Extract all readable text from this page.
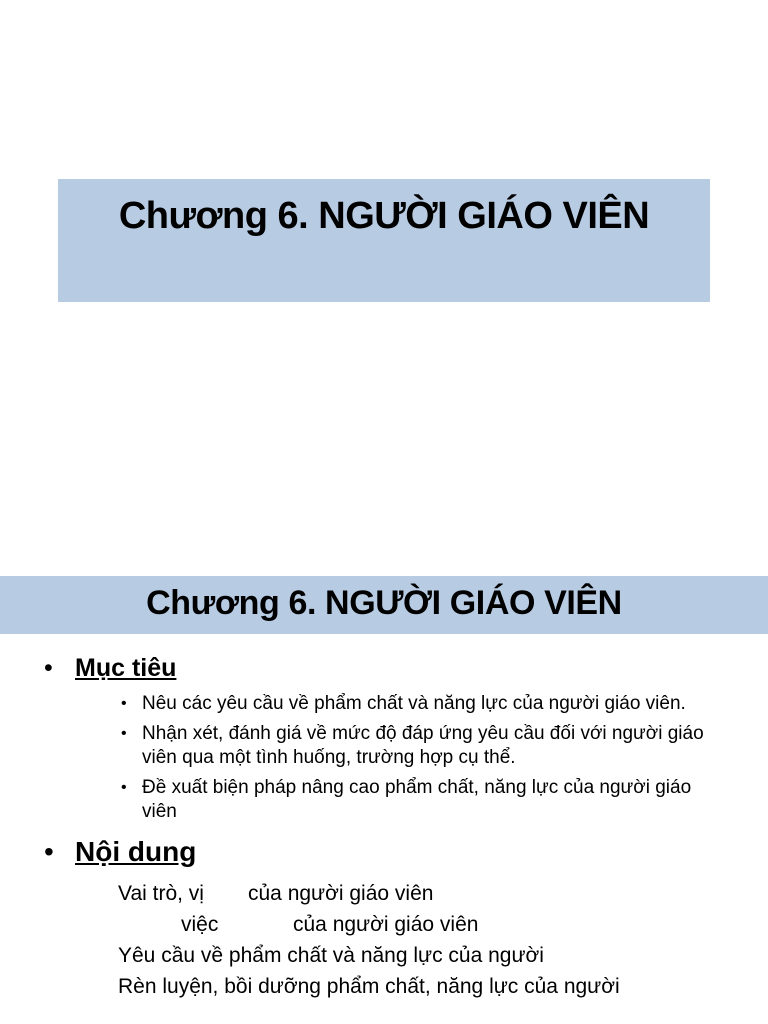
Chương 6. NGƯỜI GIÁO VIÊN
Chương 6. NGƯỜI GIÁO VIÊN
• Mục tiêu
• Nêu các yêu cầu về phẩm chất và năng lực của người giáo viên.
• Nhận xét, đánh giá về mức độ đáp ứng yêu cầu đối với người giáo viên qua một tình huống, trường hợp cụ thể.
• Đề xuất biện pháp nâng cao phẩm chất, năng lực của người giáo viên
• Nội dung

Vai trò, vị

của người giáo viên

việc

	của người giáo viên

Yêu cầu về phẩm chất và năng lực của người

Rèn luyện, bồi dưỡng phẩm chất, năng lực của người
